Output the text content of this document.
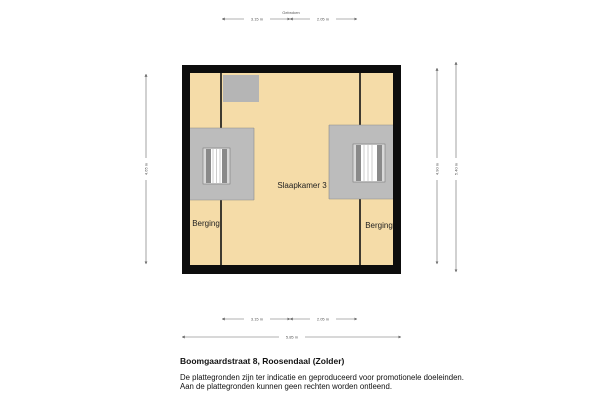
Gebroken
3.15 m	2.05 m
4.65 m	4.90 m	5.40 m
Slaapkamer 3
Berging	Berging
3.15 m	2.05 m
5.85 m
Boomgaardstraat 8, Roosendaal (Zolder)
De plattegronden zijn ter indicatie en geproduceerd voor promotionele doeleinden.
Aan de plattegronden kunnen geen rechten worden ontleend.
